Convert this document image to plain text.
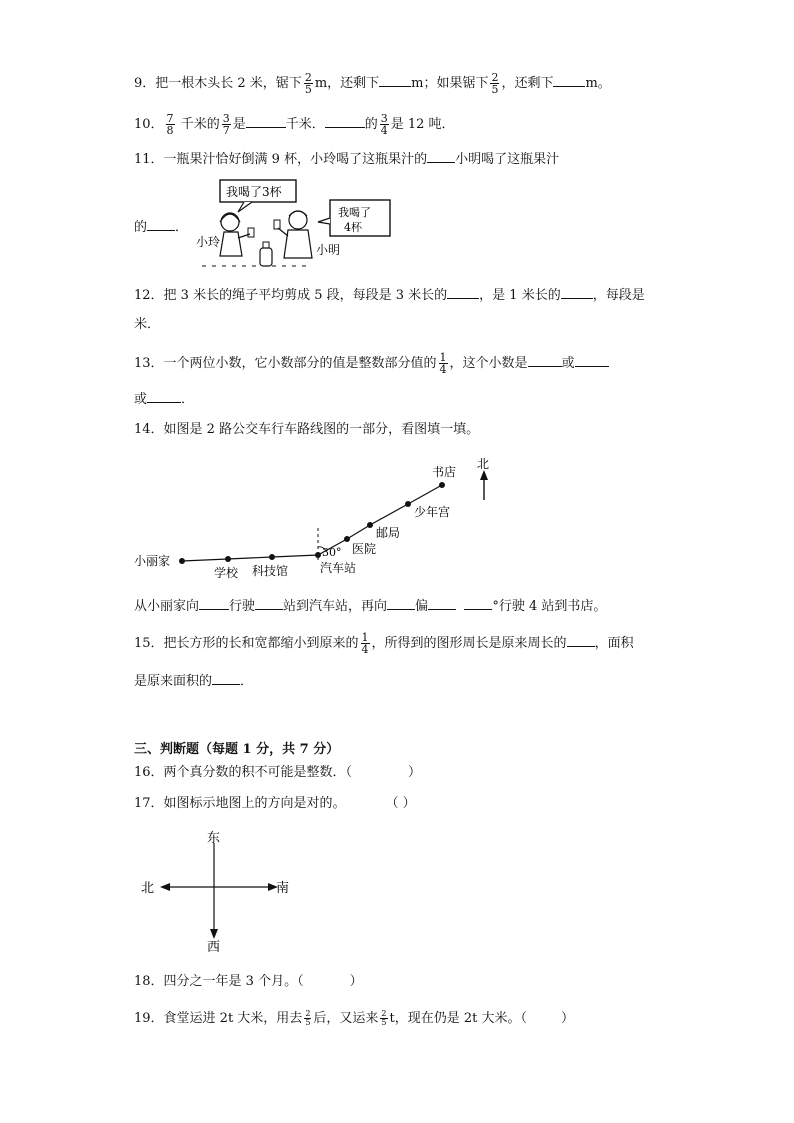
9．把一根木头长 2 米，锯下 $\frac{2}{5}$ m，还剩下 m；如果锯下 $\frac{2}{5}$ ，还剩下 m。
10． $\frac{7}{8}$ 千米的 $\frac{3}{7}$ 是	千米．	的 $\frac{3}{4}$ 是 12 吨．
11．一瓶果汁恰好倒满 9 杯，小玲喝了这瓶果汁的 小明喝了这瓶果汁
的 ．
我喝了3杯
我喝了
4杯
小玲
小明
12．把 3 米长的绳子平均剪成 5 段，每段是 3 米长的 ，是 1 米长的 ，每段是
米．
13．一个两位小数，它小数部分的值是整数部分值的 $\frac{1}{4}$ ，这个小数是	或
或	．
14．如图是 2 路公交车行车路线图的一部分，看图填一填。
小丽家
学校 科技馆	汽车站
30° 医院
邮局
少年宫
书店
北
从小丽家向 行驶 站到汽车站，再向 偏	°行驶 4 站到书店。
15．把长方形的长和宽都缩小到原来的 $\frac{1}{4}$ ，所得到的图形周长是原来周长的 ，面积
是原来面积的 ．
三、判断题（每题 1 分，共 7 分）
16．两个真分数的积不可能是整数．（	）
17．如图标示地图上的方向是对的。	（ ）
东
西
北	南
18．四分之一年是 3 个月。（	）
19．食堂运进 2t 大米，用去 $\frac{2}{5}$ 后，又运来 $\frac{2}{5}$ t，现在仍是 2t 大米。（	）
